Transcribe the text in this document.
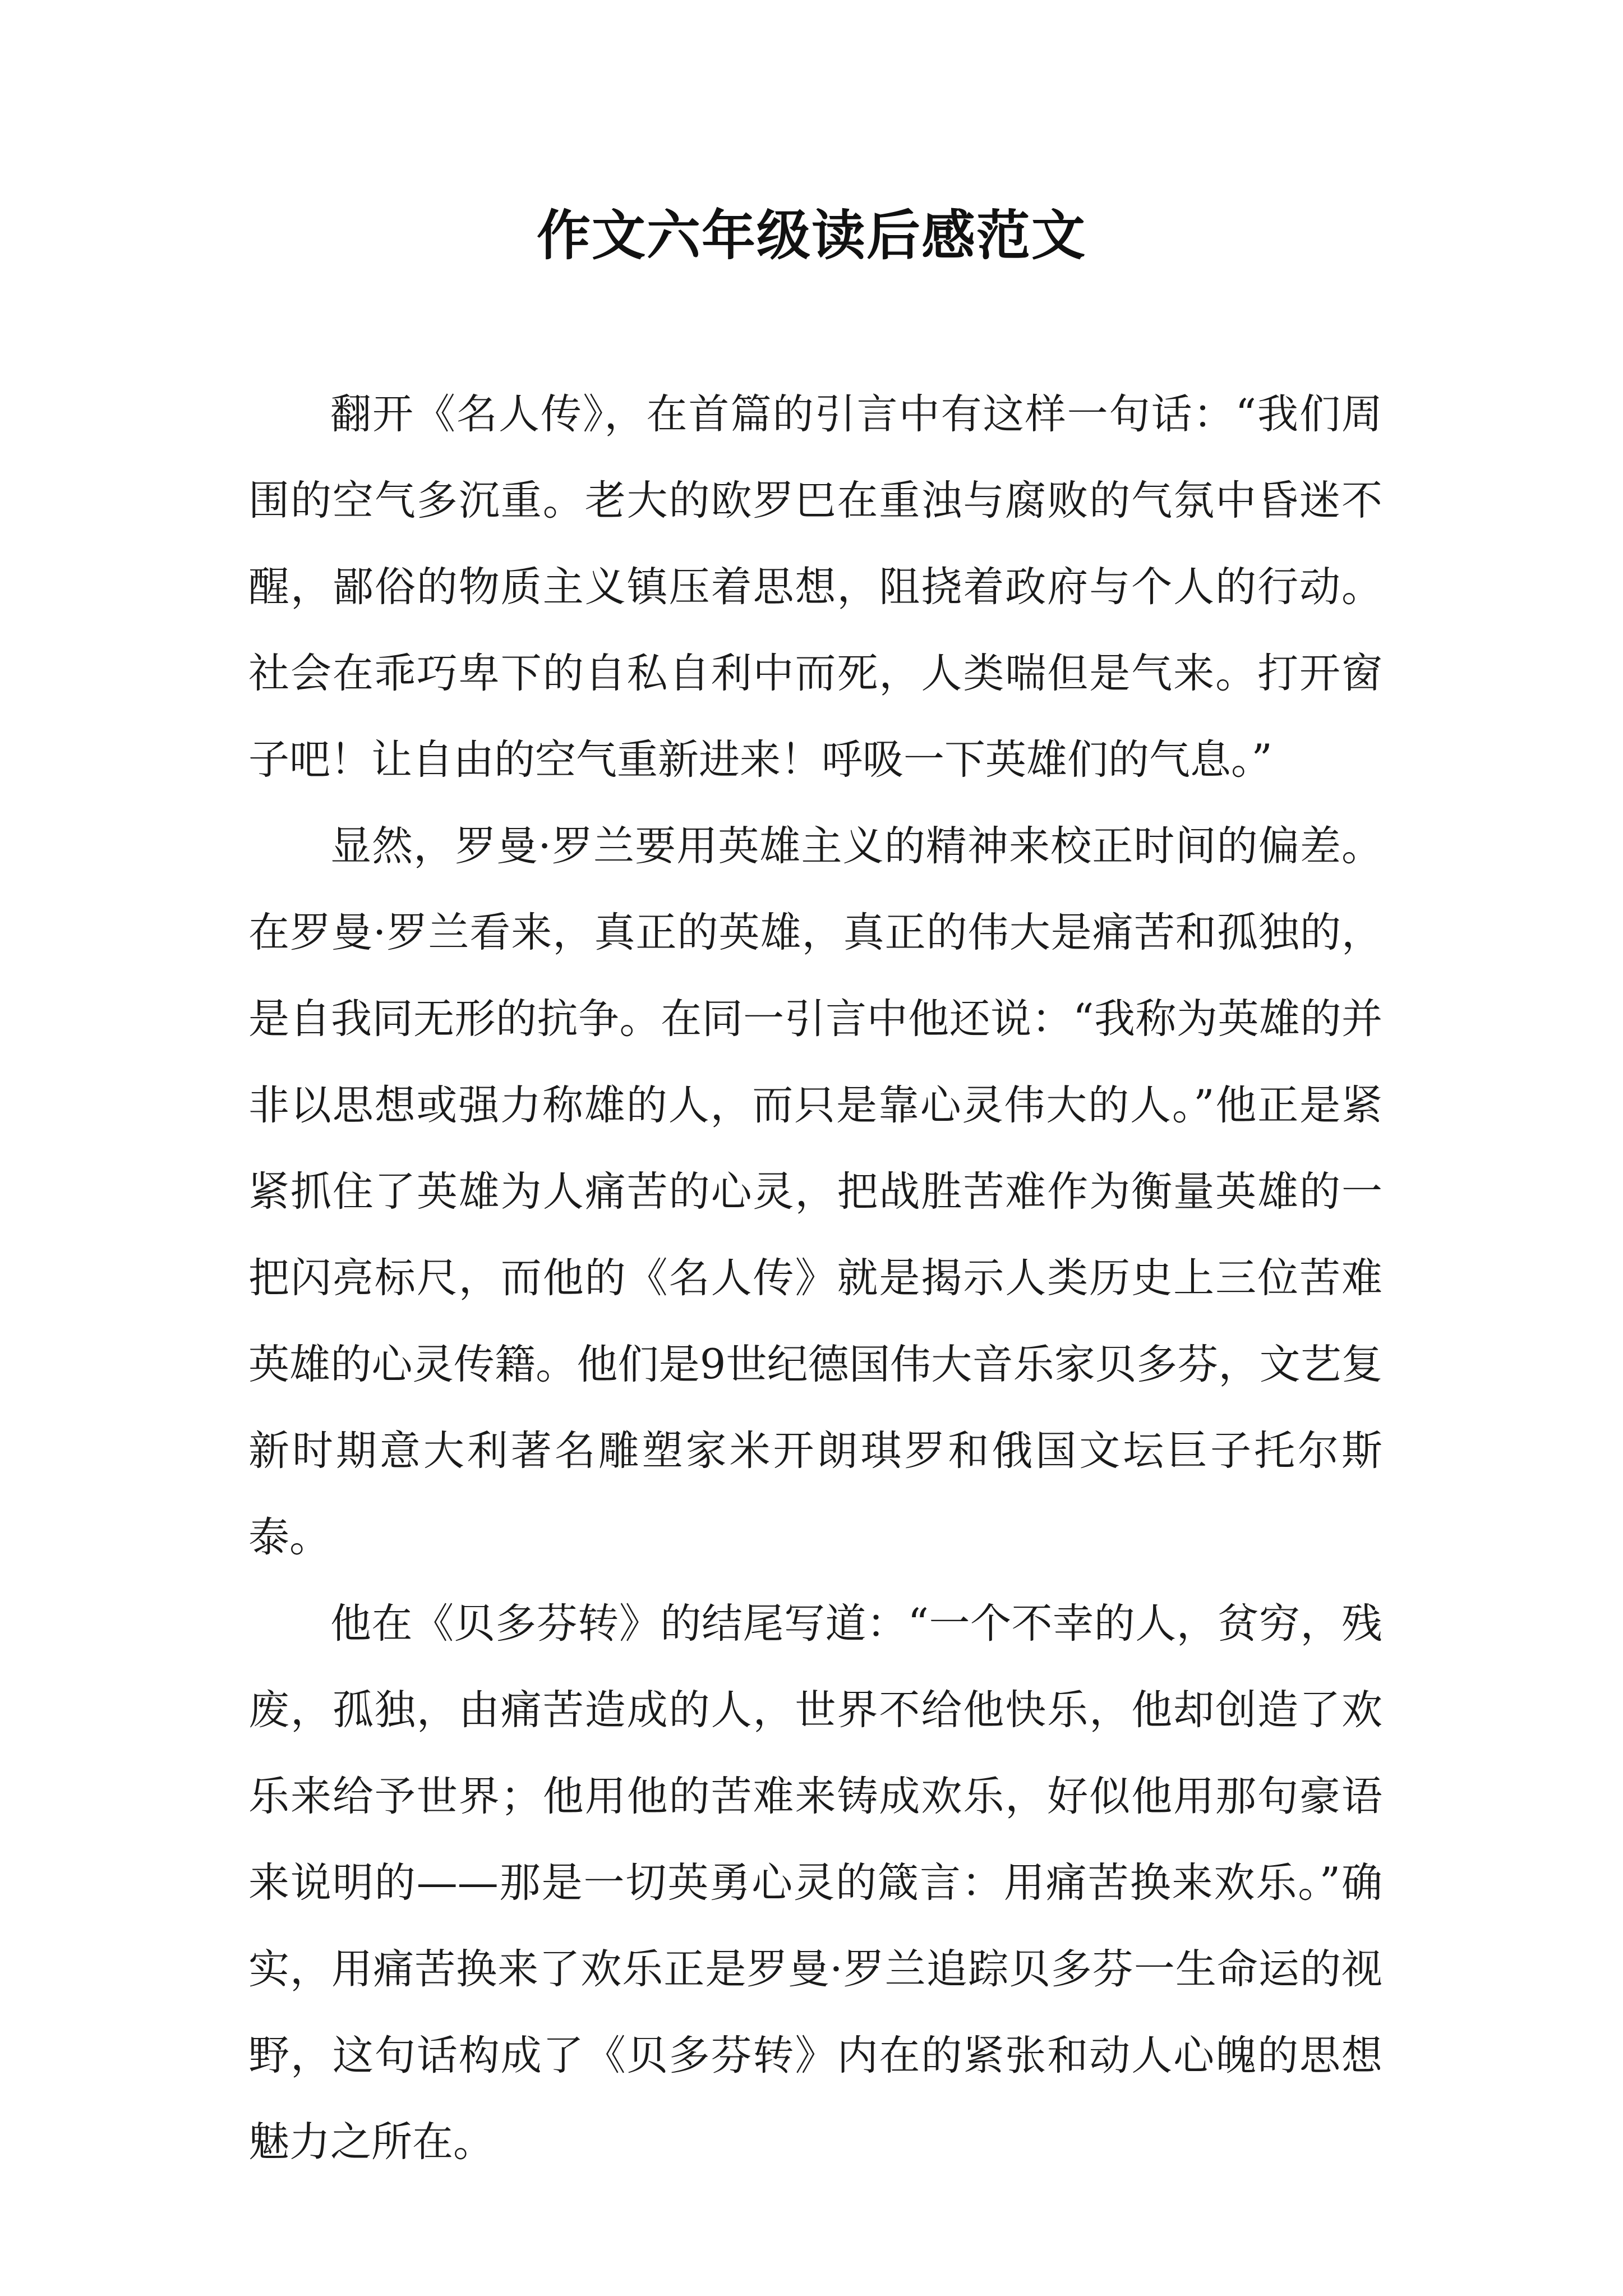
作文六年级读后感范文

翻开《名人传》，在首篇的引言中有这样一句话：“我们周围的空气多沉重。老大的欧罗巴在重浊与腐败的气氛中昏迷不醒，鄙俗的物质主义镇压着思想，阻挠着政府与个人的行动。社会在乖巧卑下的自私自利中而死，人类喘但是气来。打开窗子吧！让自由的空气重新进来！呼吸一下英雄们的气息。”

显然，罗曼·罗兰要用英雄主义的精神来校正时间的偏差。在罗曼·罗兰看来，真正的英雄，真正的伟大是痛苦和孤独的，是自我同无形的抗争。在同一引言中他还说：“我称为英雄的并非以思想或强力称雄的人，而只是靠心灵伟大的人。”他正是紧紧抓住了英雄为人痛苦的心灵，把战胜苦难作为衡量英雄的一把闪亮标尺，而他的《名人传》就是揭示人类历史上三位苦难英雄的心灵传籍。他们是9世纪德国伟大音乐家贝多芬，文艺复新时期意大利著名雕塑家米开朗琪罗和俄国文坛巨子托尔斯泰。

他在《贝多芬转》的结尾写道：“一个不幸的人，贫穷，残废，孤独，由痛苦造成的人，世界不给他快乐，他却创造了欢乐来给予世界；他用他的苦难来铸成欢乐，好似他用那句豪语来说明的——那是一切英勇心灵的箴言：用痛苦换来欢乐。”确实，用痛苦换来了欢乐正是罗曼·罗兰追踪贝多芬一生命运的视野，这句话构成了《贝多芬转》内在的紧张和动人心魄的思想魅力之所在。
